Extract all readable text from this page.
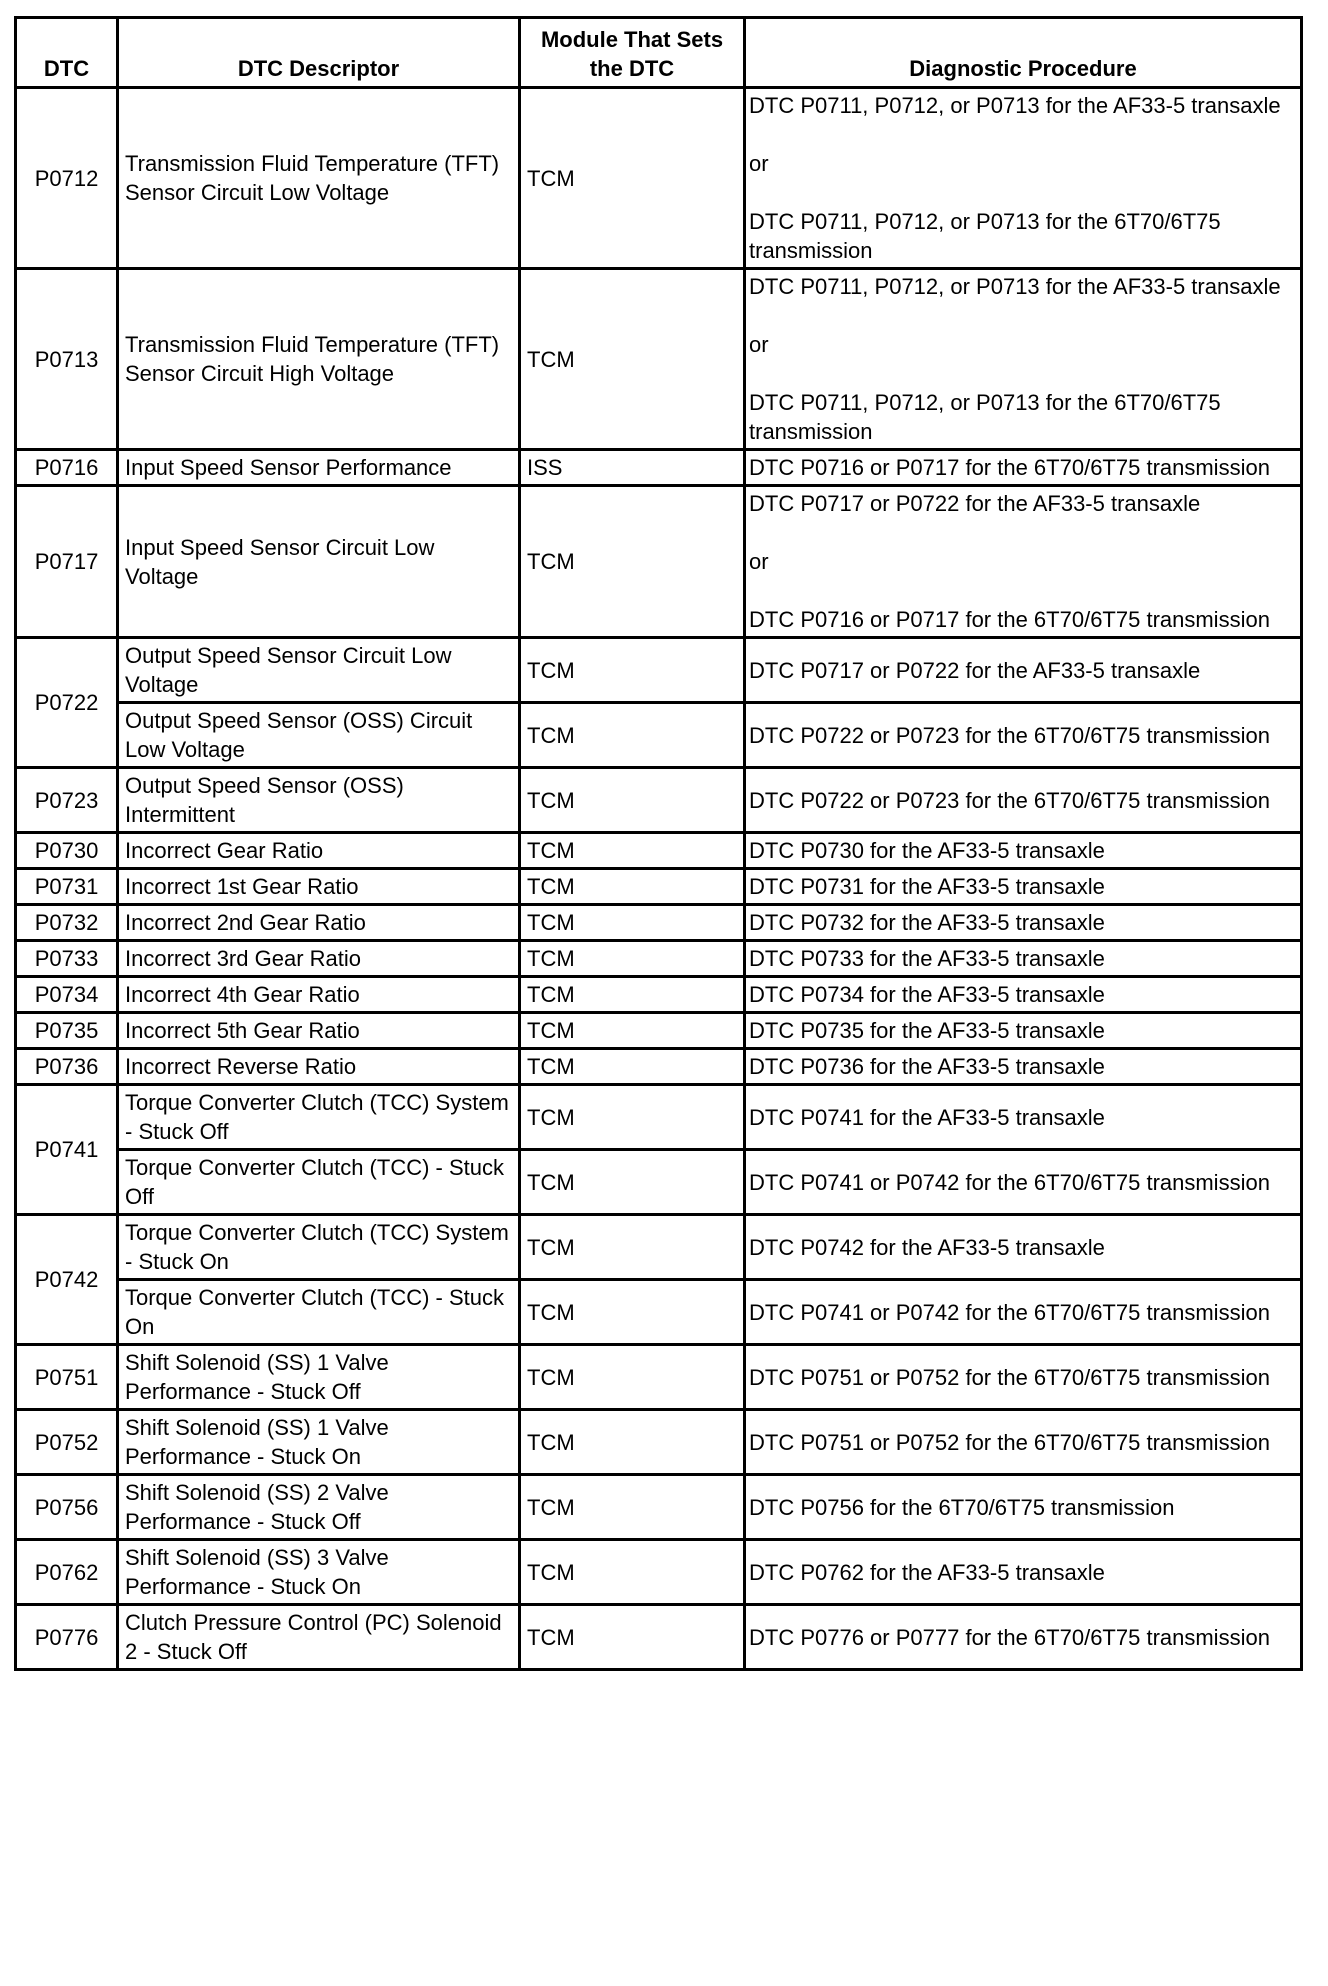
DTC	DTC Descriptor	Module That Sets the DTC	Diagnostic Procedure
P0712	Transmission Fluid Temperature (TFT) Sensor Circuit Low Voltage	TCM	DTC P0711, P0712, or P0713 for the AF33-5 transaxle
or
DTC P0711, P0712, or P0713 for the 6T70/6T75 transmission

P0713	Transmission Fluid Temperature (TFT) Sensor Circuit High Voltage	TCM	DTC P0711, P0712, or P0713 for the AF33-5 transaxle
or
DTC P0711, P0712, or P0713 for the 6T70/6T75 transmission

P0716	Input Speed Sensor Performance	ISS	DTC P0716 or P0717 for the 6T70/6T75 transmission

P0717	Input Speed Sensor Circuit Low Voltage	TCM	DTC P0717 or P0722 for the AF33-5 transaxle
or
DTC P0716 or P0717 for the 6T70/6T75 transmission

P0722	Output Speed Sensor Circuit Low Voltage	TCM	DTC P0717 or P0722 for the AF33-5 transaxle

	Output Speed Sensor (OSS) Circuit Low Voltage	TCM	DTC P0722 or P0723 for the 6T70/6T75 transmission

P0723	Output Speed Sensor (OSS) Intermittent	TCM	DTC P0722 or P0723 for the 6T70/6T75 transmission

P0730	Incorrect Gear Ratio	TCM	DTC P0730 for the AF33-5 transaxle

P0731	Incorrect 1st Gear Ratio	TCM	DTC P0731 for the AF33-5 transaxle

P0732	Incorrect 2nd Gear Ratio	TCM	DTC P0732 for the AF33-5 transaxle

P0733	Incorrect 3rd Gear Ratio	TCM	DTC P0733 for the AF33-5 transaxle

P0734	Incorrect 4th Gear Ratio	TCM	DTC P0734 for the AF33-5 transaxle

P0735	Incorrect 5th Gear Ratio	TCM	DTC P0735 for the AF33-5 transaxle

P0736	Incorrect Reverse Ratio	TCM	DTC P0736 for the AF33-5 transaxle

P0741	Torque Converter Clutch (TCC) System - Stuck Off	TCM	DTC P0741 for the AF33-5 transaxle

	Torque Converter Clutch (TCC) - Stuck Off	TCM	DTC P0741 or P0742 for the 6T70/6T75 transmission

P0742	Torque Converter Clutch (TCC) System - Stuck On	TCM	DTC P0742 for the AF33-5 transaxle

	Torque Converter Clutch (TCC) - Stuck On	TCM	DTC P0741 or P0742 for the 6T70/6T75 transmission

P0751	Shift Solenoid (SS) 1 Valve Performance - Stuck Off	TCM	DTC P0751 or P0752 for the 6T70/6T75 transmission

P0752	Shift Solenoid (SS) 1 Valve Performance - Stuck On	TCM	DTC P0751 or P0752 for the 6T70/6T75 transmission

P0756	Shift Solenoid (SS) 2 Valve Performance - Stuck Off	TCM	DTC P0756 for the 6T70/6T75 transmission

P0762	Shift Solenoid (SS) 3 Valve Performance - Stuck On	TCM	DTC P0762 for the AF33-5 transaxle

P0776	Clutch Pressure Control (PC) Solenoid 2 - Stuck Off	TCM	DTC P0776 or P0777 for the 6T70/6T75 transmission
